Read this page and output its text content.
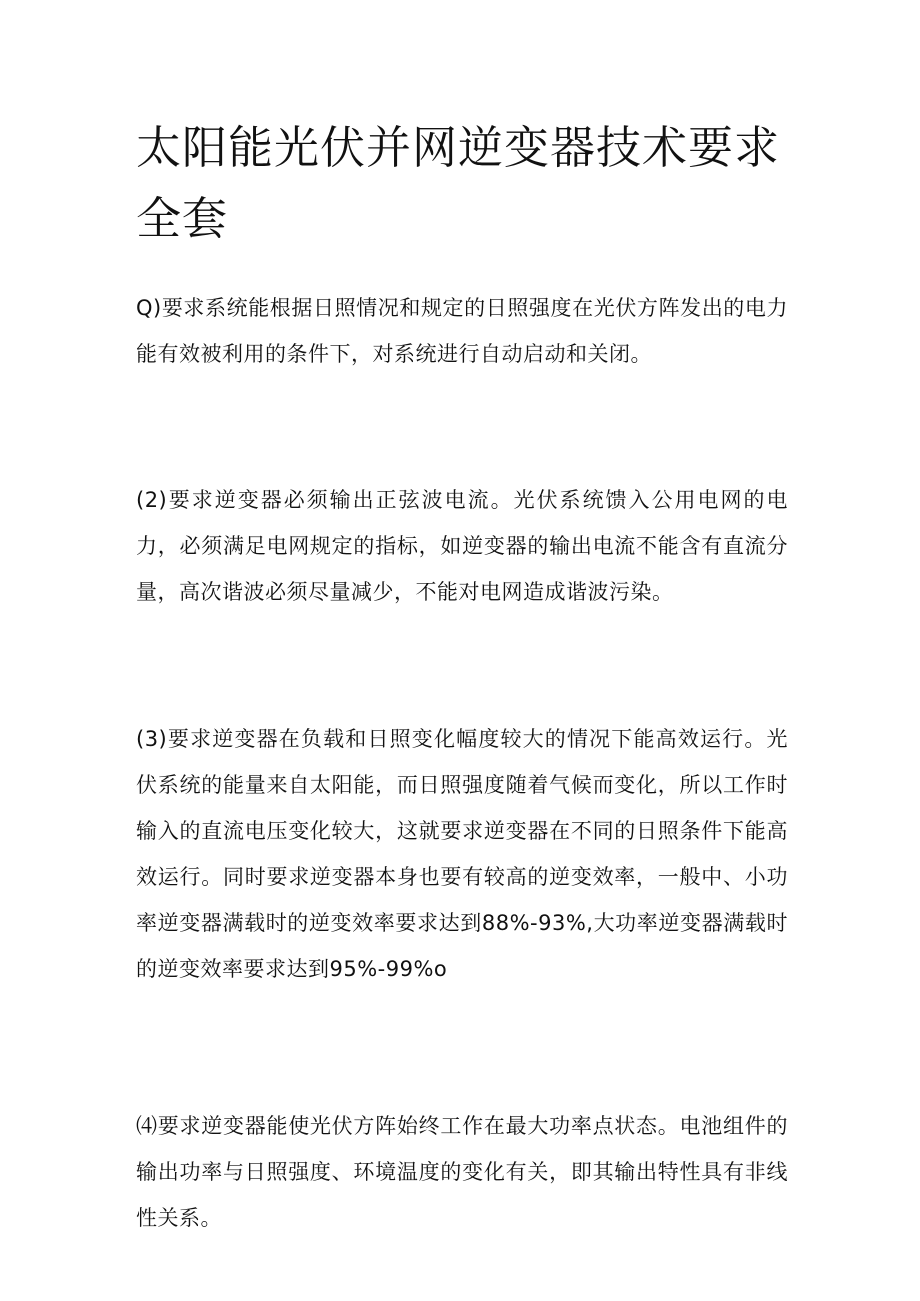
太阳能光伏并网逆变器技术要求全套

Q)要求系统能根据日照情况和规定的日照强度在光伏方阵发出的电力能有效被利用的条件下，对系统进行自动启动和关闭。

(2)要求逆变器必须输出正弦波电流。光伏系统馈入公用电网的电力，必须满足电网规定的指标，如逆变器的输出电流不能含有直流分量，高次谐波必须尽量减少，不能对电网造成谐波污染。

(3)要求逆变器在负载和日照变化幅度较大的情况下能高效运行。光伏系统的能量来自太阳能，而日照强度随着气候而变化，所以工作时输入的直流电压变化较大，这就要求逆变器在不同的日照条件下能高效运行。同时要求逆变器本身也要有较高的逆变效率，一般中、小功率逆变器满载时的逆变效率要求达到88%-93%,大功率逆变器满载时的逆变效率要求达到95%-99%o

⑷要求逆变器能使光伏方阵始终工作在最大功率点状态。电池组件的输出功率与日照强度、环境温度的变化有关，即其输出特性具有非线性关系。
